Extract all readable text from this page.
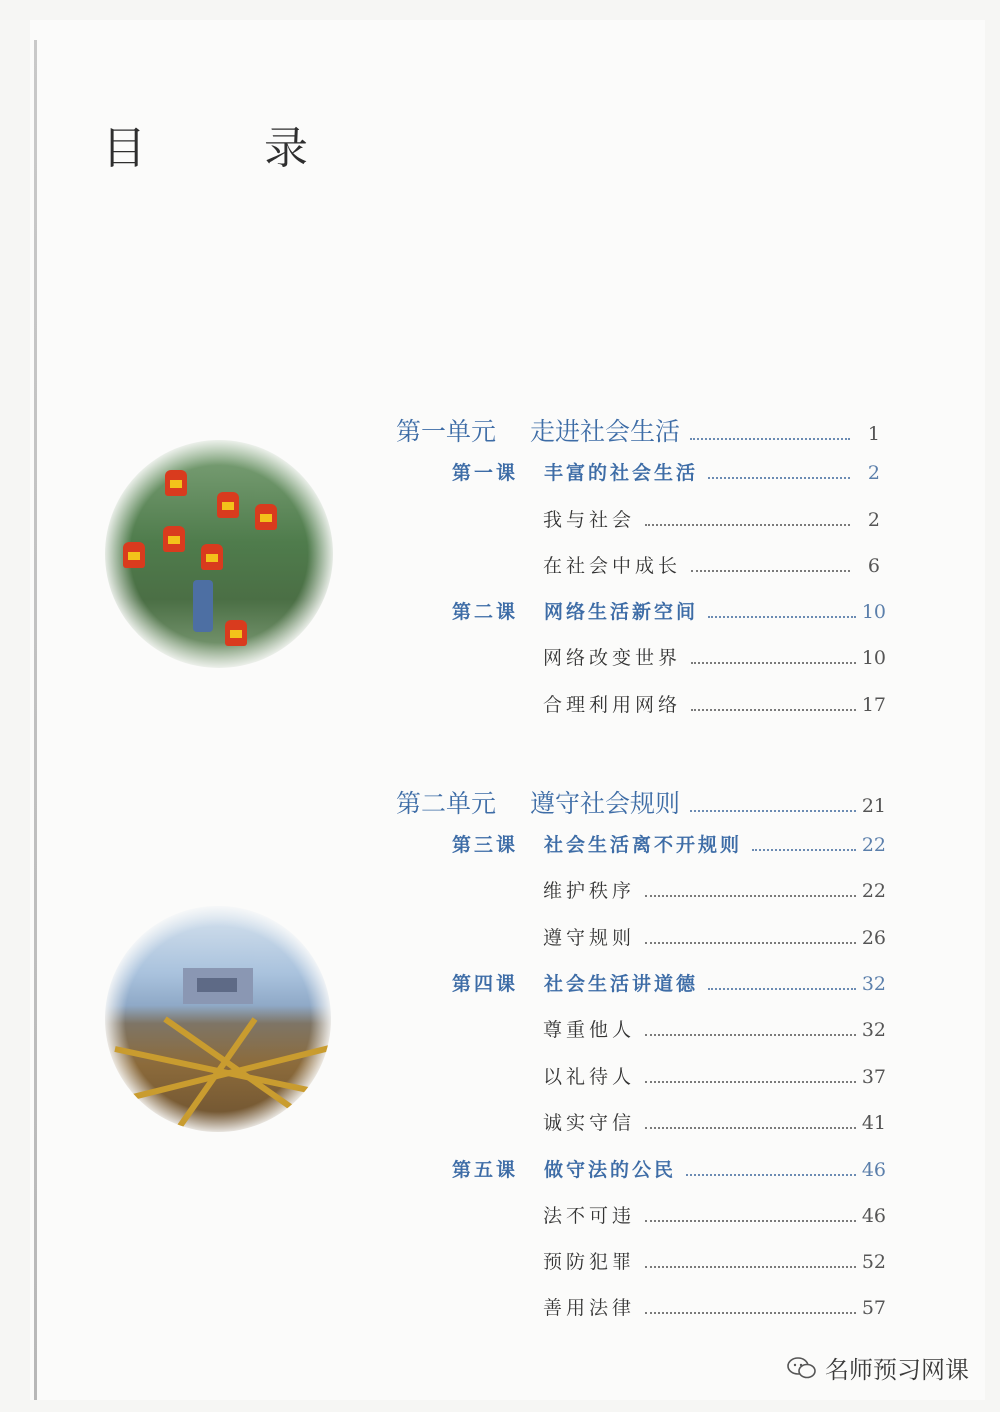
目 录
第一单元 走进社会生活	1
第一课 丰富的社会生活	2
我与社会	2
在社会中成长	6
第二课 网络生活新空间	10
网络改变世界	10
合理利用网络	17
第二单元 遵守社会规则	21
第三课 社会生活离不开规则	22
维护秩序	22
遵守规则	26
第四课 社会生活讲道德	32
尊重他人	32
以礼待人	37
诚实守信	41
第五课 做守法的公民	46
法不可违	46
预防犯罪	52
善用法律	57
名师预习网课
